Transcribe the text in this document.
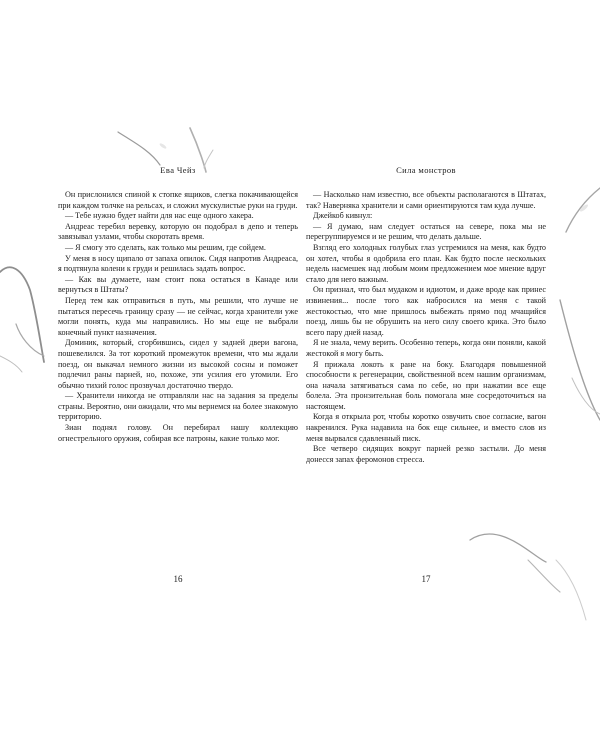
Ева Чейз

Он прислонился спиной к стопке ящиков, слегка покачивающейся при каждом толчке на рельсах, и сложил мускулистые руки на груди.

— Тебе нужно будет найти для нас еще одного хакера.

Андреас теребил веревку, которую он подобрал в депо и теперь завязывал узлами, чтобы скоротать время.

— Я смогу это сделать, как только мы решим, где сойдем.

У меня в носу щипало от запаха опилок. Сидя напротив Андреаса, я подтянула колени к груди и решилась задать вопрос.

— Как вы думаете, нам стоит пока остаться в Канаде или вернуться в Штаты?

Перед тем как отправиться в путь, мы решили, что лучше не пытаться пересечь границу сразу — не сейчас, когда хранители уже могли понять, куда мы направились. Но мы еще не выбрали конечный пункт назначения.

Доминик, который, сгорбившись, сидел у задней двери вагона, пошевелился. За тот короткий промежуток времени, что мы ждали поезд, он выкачал немного жизни из высокой сосны и поможет подлечил раны парней, но, похоже, эти усилия его утомили. Его обычно тихий голос прозвучал достаточно твердо.

— Хранители никогда не отправляли нас на задания за пределы страны. Вероятно, они ожидали, что мы вернемся на более знакомую территорию.

Зиан поднял голову. Он перебирал нашу коллекцию огнестрельного оружия, собирая все патроны, какие только мог.

16
Сила монстров

— Насколько нам известно, все объекты располагаются в Штатах, так? Наверняка хранители и сами ориентируются там куда лучше.

Джейкоб кивнул:

— Я думаю, нам следует остаться на севере, пока мы не перегруппируемся и не решим, что делать дальше.

Взгляд его холодных голубых глаз устремился на меня, как будто он хотел, чтобы я одобрила его план. Как будто после нескольких недель насмешек над любым моим предложением мое мнение вдруг стало для него важным.

Он признал, что был мудаком и идиотом, и даже вроде как принес извинения... после того как набросился на меня с такой жестокостью, что мне пришлось выбежать прямо под мчащийся поезд, лишь бы не обрушить на него силу своего крика. Это было всего пару дней назад.

Я не знала, чему верить. Особенно теперь, когда они поняли, какой жестокой я могу быть.

Я прижала локоть к ране на боку. Благодаря повышенной способности к регенерации, свойственной всем нашим организмам, она начала затягиваться сама по себе, но при нажатии все еще болела. Эта пронзительная боль помогала мне сосредоточиться на настоящем.

Когда я открыла рот, чтобы коротко озвучить свое согласие, вагон накренился. Рука надавила на бок еще сильнее, и вместо слов из меня вырвался сдавленный писк.

Все четверо сидящих вокруг парней резко застыли. До меня донесся запах феромонов стресса.

17
